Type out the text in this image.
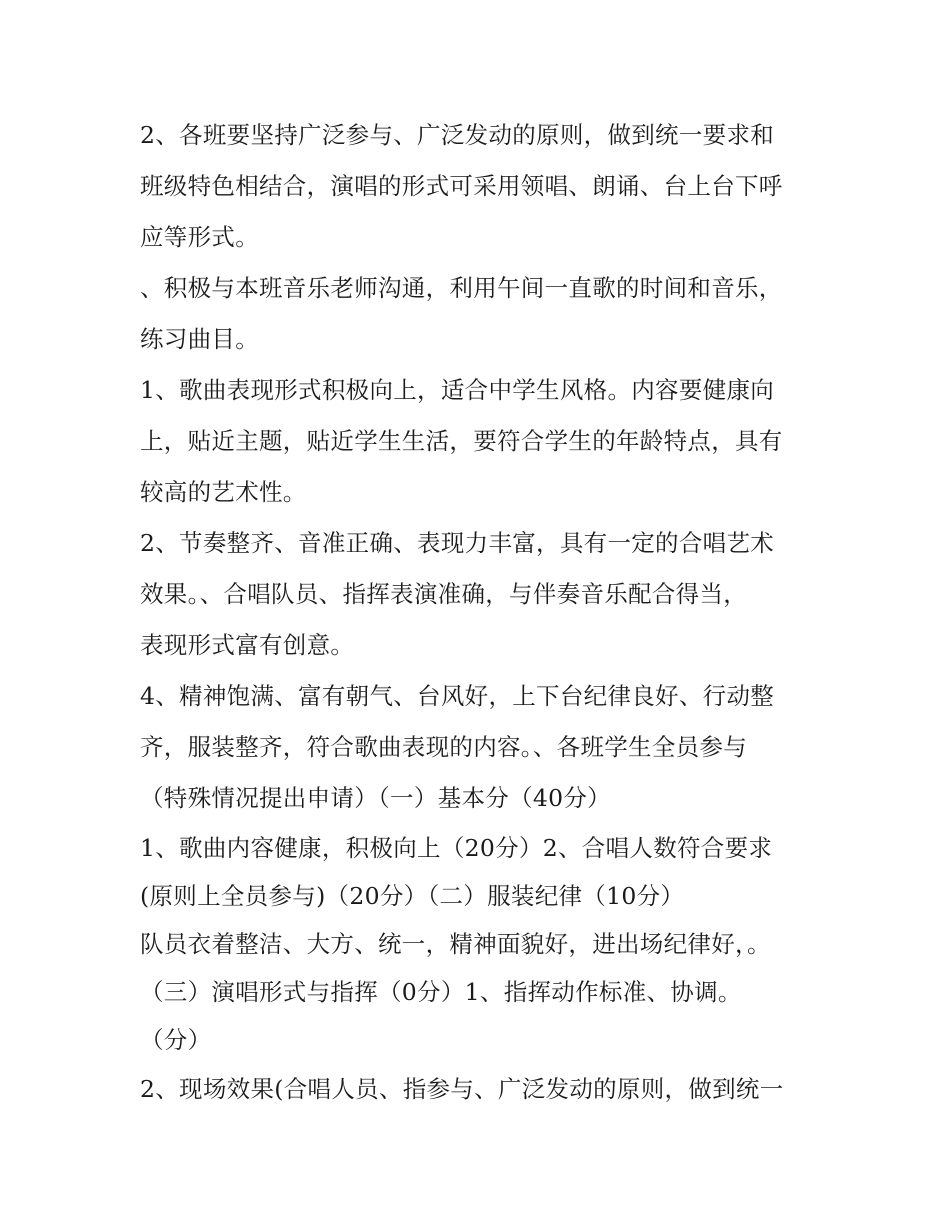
2、各班要坚持广泛参与、广泛发动的原则，做到统一要求和
班级特色相结合，演唱的形式可采用领唱、朗诵、台上台下呼
应等形式。
、积极与本班音乐老师沟通，利用午间一直歌的时间和音乐，
练习曲目。
1、歌曲表现形式积极向上，适合中学生风格。内容要健康向
上，贴近主题，贴近学生生活，要符合学生的年龄特点，具有
较高的艺术性。
2、节奏整齐、音准正确、表现力丰富，具有一定的合唱艺术
效果。、合唱队员、指挥表演准确，与伴奏音乐配合得当，
表现形式富有创意。
4、精神饱满、富有朝气、台风好，上下台纪律良好、行动整
齐，服装整齐，符合歌曲表现的内容。、各班学生全员参与
（特殊情况提出申请）（一）基本分（40分）
1、歌曲内容健康，积极向上（20分）2、合唱人数符合要求
(原则上全员参与)（20分）（二）服装纪律（10分）
队员衣着整洁、大方、统一，精神面貌好，进出场纪律好，。
（三）演唱形式与指挥（0分）1、指挥动作标准、协调。
（分）
2、现场效果(合唱人员、指参与、广泛发动的原则，做到统一
